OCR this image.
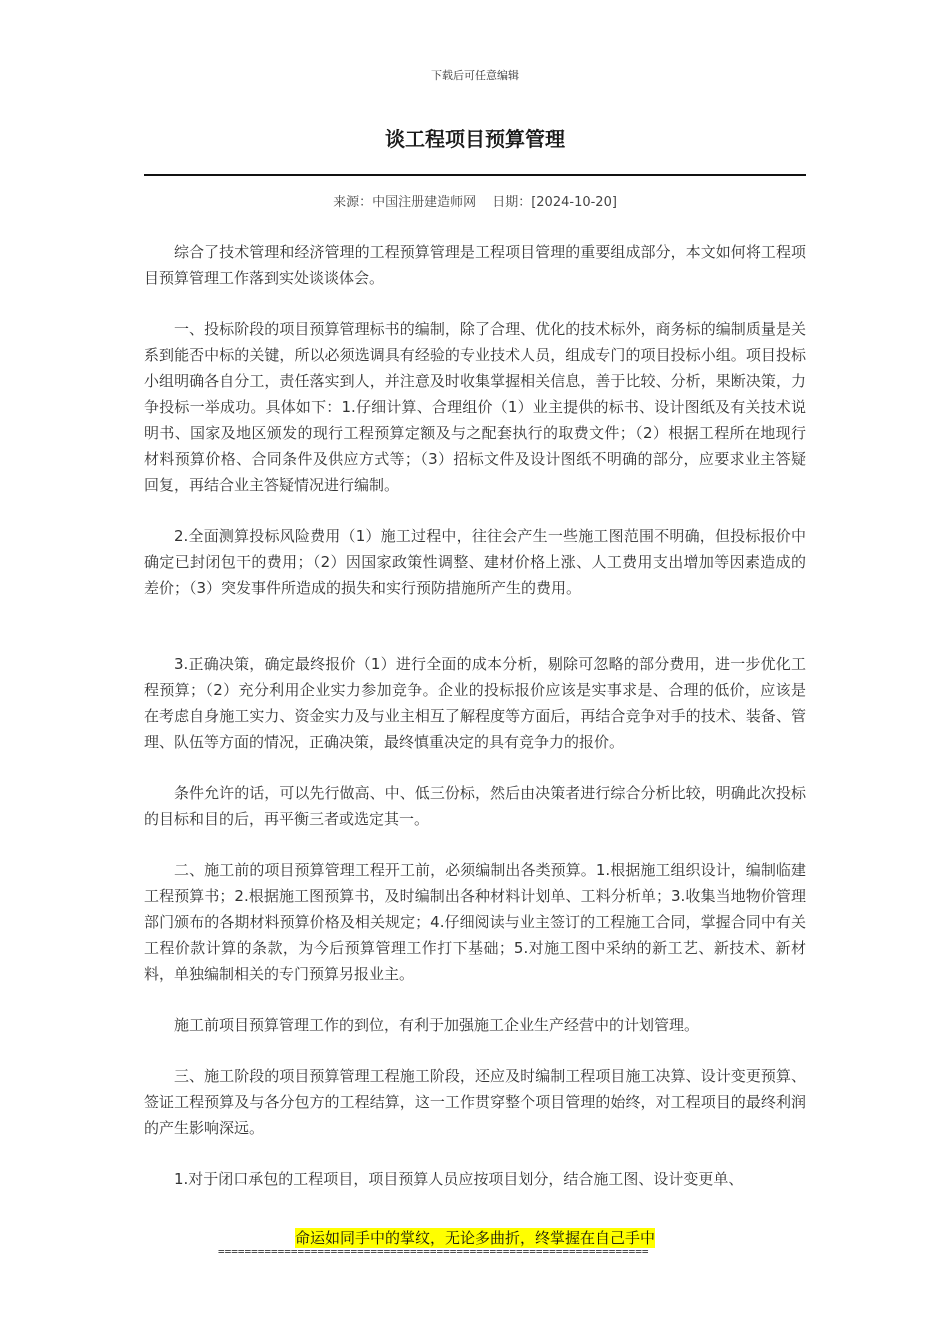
下载后可任意编辑
谈工程项目预算管理
来源：中国注册建造师网 日期：[2024-10-20]

综合了技术管理和经济管理的工程预算管理是工程项目管理的重要组成部分，本文如何将工程项目预算管理工作落到实处谈谈体会。

一、投标阶段的项目预算管理标书的编制，除了合理、优化的技术标外，商务标的编制质量是关系到能否中标的关键，所以必须选调具有经验的专业技术人员，组成专门的项目投标小组。项目投标小组明确各自分工，责任落实到人，并注意及时收集掌握相关信息，善于比较、分析，果断决策，力争投标一举成功。具体如下：1.仔细计算、合理组价（1）业主提供的标书、设计图纸及有关技术说明书、国家及地区颁发的现行工程预算定额及与之配套执行的取费文件；（2）根据工程所在地现行材料预算价格、合同条件及供应方式等；（3）招标文件及设计图纸不明确的部分，应要求业主答疑回复，再结合业主答疑情况进行编制。

2.全面测算投标风险费用（1）施工过程中，往往会产生一些施工图范围不明确，但投标报价中确定已封闭包干的费用；（2）因国家政策性调整、建材价格上涨、人工费用支出增加等因素造成的差价；（3）突发事件所造成的损失和实行预防措施所产生的费用。

3.正确决策，确定最终报价（1）进行全面的成本分析，剔除可忽略的部分费用，进一步优化工程预算；（2）充分利用企业实力参加竞争。企业的投标报价应该是实事求是、合理的低价，应该是在考虑自身施工实力、资金实力及与业主相互了解程度等方面后，再结合竞争对手的技术、装备、管理、队伍等方面的情况，正确决策，最终慎重决定的具有竞争力的报价。

条件允许的话，可以先行做高、中、低三份标，然后由决策者进行综合分析比较，明确此次投标的目标和目的后，再平衡三者或选定其一。

二、施工前的项目预算管理工程开工前，必须编制出各类预算。1.根据施工组织设计，编制临建工程预算书；2.根据施工图预算书，及时编制出各种材料计划单、工料分析单；3.收集当地物价管理部门颁布的各期材料预算价格及相关规定；4.仔细阅读与业主签订的工程施工合同，掌握合同中有关工程价款计算的条款，为今后预算管理工作打下基础；5.对施工图中采纳的新工艺、新技术、新材料，单独编制相关的专门预算另报业主。

施工前项目预算管理工作的到位，有利于加强施工企业生产经营中的计划管理。

三、施工阶段的项目预算管理工程施工阶段，还应及时编制工程项目施工决算、设计变更预算、签证工程预算及与各分包方的工程结算，这一工作贯穿整个项目管理的始终，对工程项目的最终利润的产生影响深远。

1.对于闭口承包的工程项目，项目预算人员应按项目划分，结合施工图、设计变更单、

命运如同手中的掌纹，无论多曲折，终掌握在自己手中
=================================================================
